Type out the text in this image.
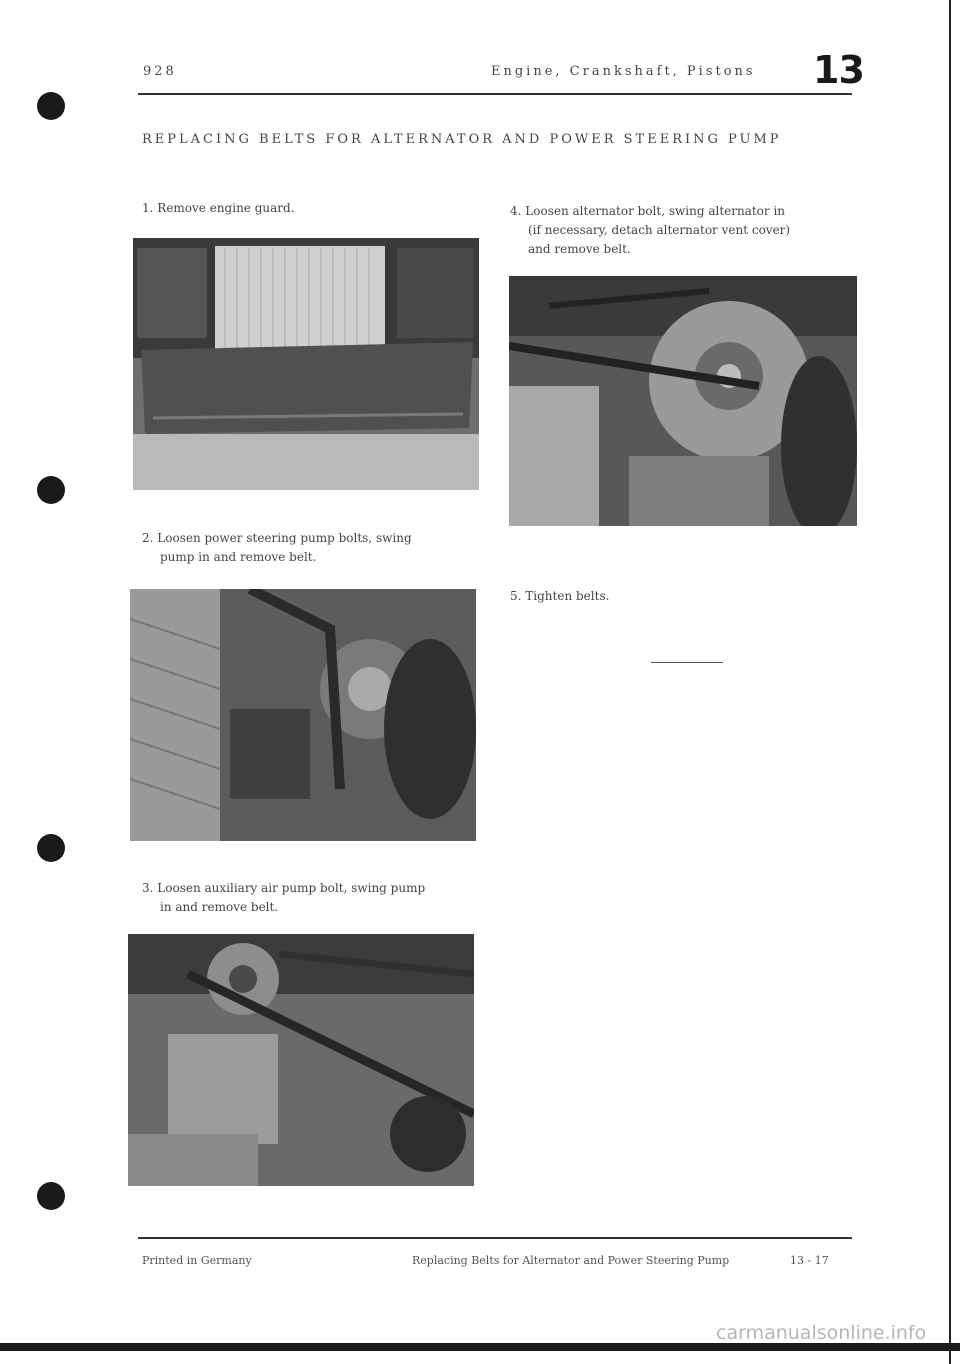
928	Engine, Crankshaft, Pistons 13
REPLACING BELTS FOR ALTERNATOR AND POWER STEERING PUMP
1. Remove engine guard.
2. Loosen power steering pump bolts, swing
pump in and remove belt.
3. Loosen auxiliary air pump bolt, swing pump
in and remove belt.
4. Loosen alternator bolt, swing alternator in
(if necessary, detach alternator vent cover)
and remove belt.
5. Tighten belts.
Printed in Germany	Replacing Belts for Alternator and Power Steering Pump	13 - 17
carmanualsonline.info
